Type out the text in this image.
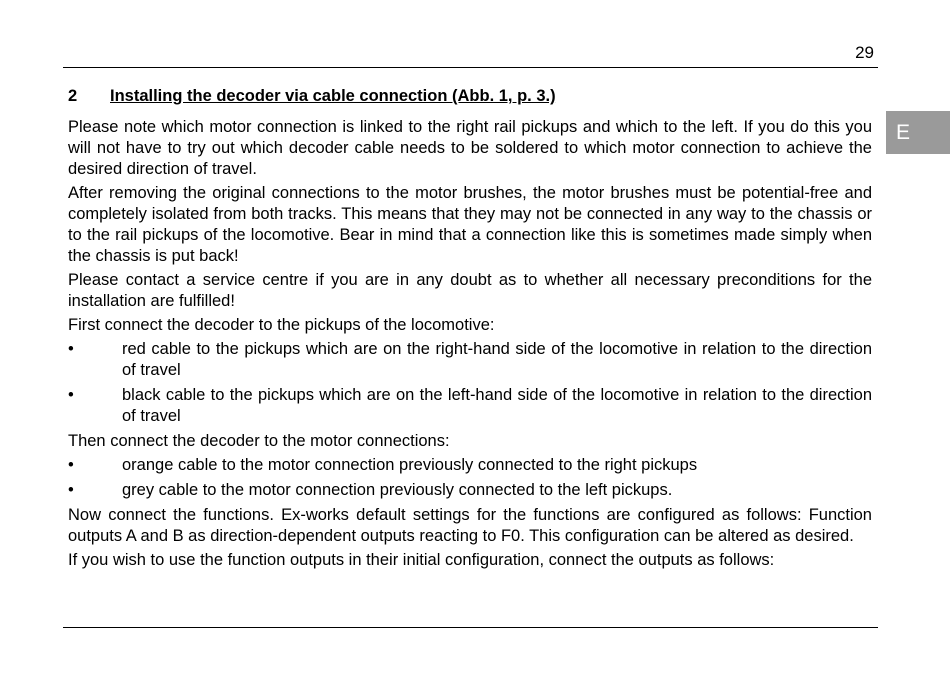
29
E
2	Installing the decoder via cable connection (Abb. 1, p. 3.)

Please note which motor connection is linked to the right rail pickups and which to the left. If you do this you will not have to try out which decoder cable needs to be soldered to which motor connection to achieve the desired direction of travel.

After removing the original connections to the motor brushes, the motor brushes must be potential-free and completely isolated from both tracks. This means that they may not be connected in any way to the chassis or to the rail pickups of the locomotive. Bear in mind that a connection like this is sometimes made simply when the chassis is put back!

Please contact a service centre if you are in any doubt as to whether all necessary preconditions for the installation are fulfilled!

First connect the decoder to the pickups of the locomotive:

•	red cable to the pickups which are on the right-hand side of the locomotive in relation to the direction of travel
•	black cable to the pickups which are on the left-hand side of the locomotive in relation to the direction of travel

Then connect the decoder to the motor connections:

•	orange cable to the motor connection previously connected to the right pickups
•	grey cable to the motor connection previously connected to the left pickups.

Now connect the functions. Ex-works default settings for the functions are configured as follows: Function outputs A and B as direction-dependent outputs reacting to F0. This configuration can be altered as desired.

If you wish to use the function outputs in their initial configuration, connect the outputs as follows:
